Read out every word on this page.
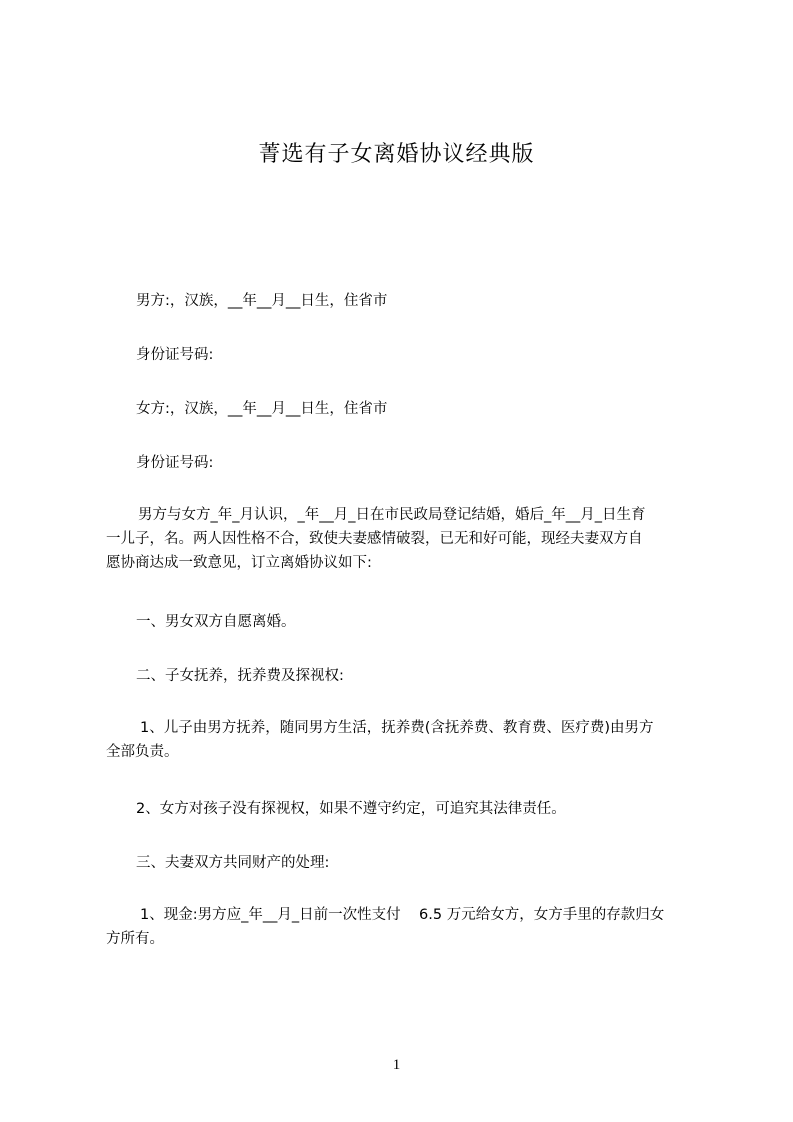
菁选有子女离婚协议经典版
男方:，汉族，__年__月__日生，住省市
身份证号码:
女方:，汉族，__年__月__日生，住省市
身份证号码:
男方与女方_年_月认识，_年__月_日在市民政局登记结婚，婚后_年__月_日生育
一儿子，名。两人因性格不合，致使夫妻感情破裂，已无和好可能，现经夫妻双方自
愿协商达成一致意见，订立离婚协议如下:
一、男女双方自愿离婚。
二、子女抚养，抚养费及探视权:
1、儿子由男方抚养，随同男方生活，抚养费(含抚养费、教育费、医疗费)由男方
全部负责。
2、女方对孩子没有探视权，如果不遵守约定，可追究其法律责任。
三、夫妻双方共同财产的处理:
1、现金:男方应_年__月_日前一次性支付    6.5 万元给女方，女方手里的存款归女
方所有。
1
